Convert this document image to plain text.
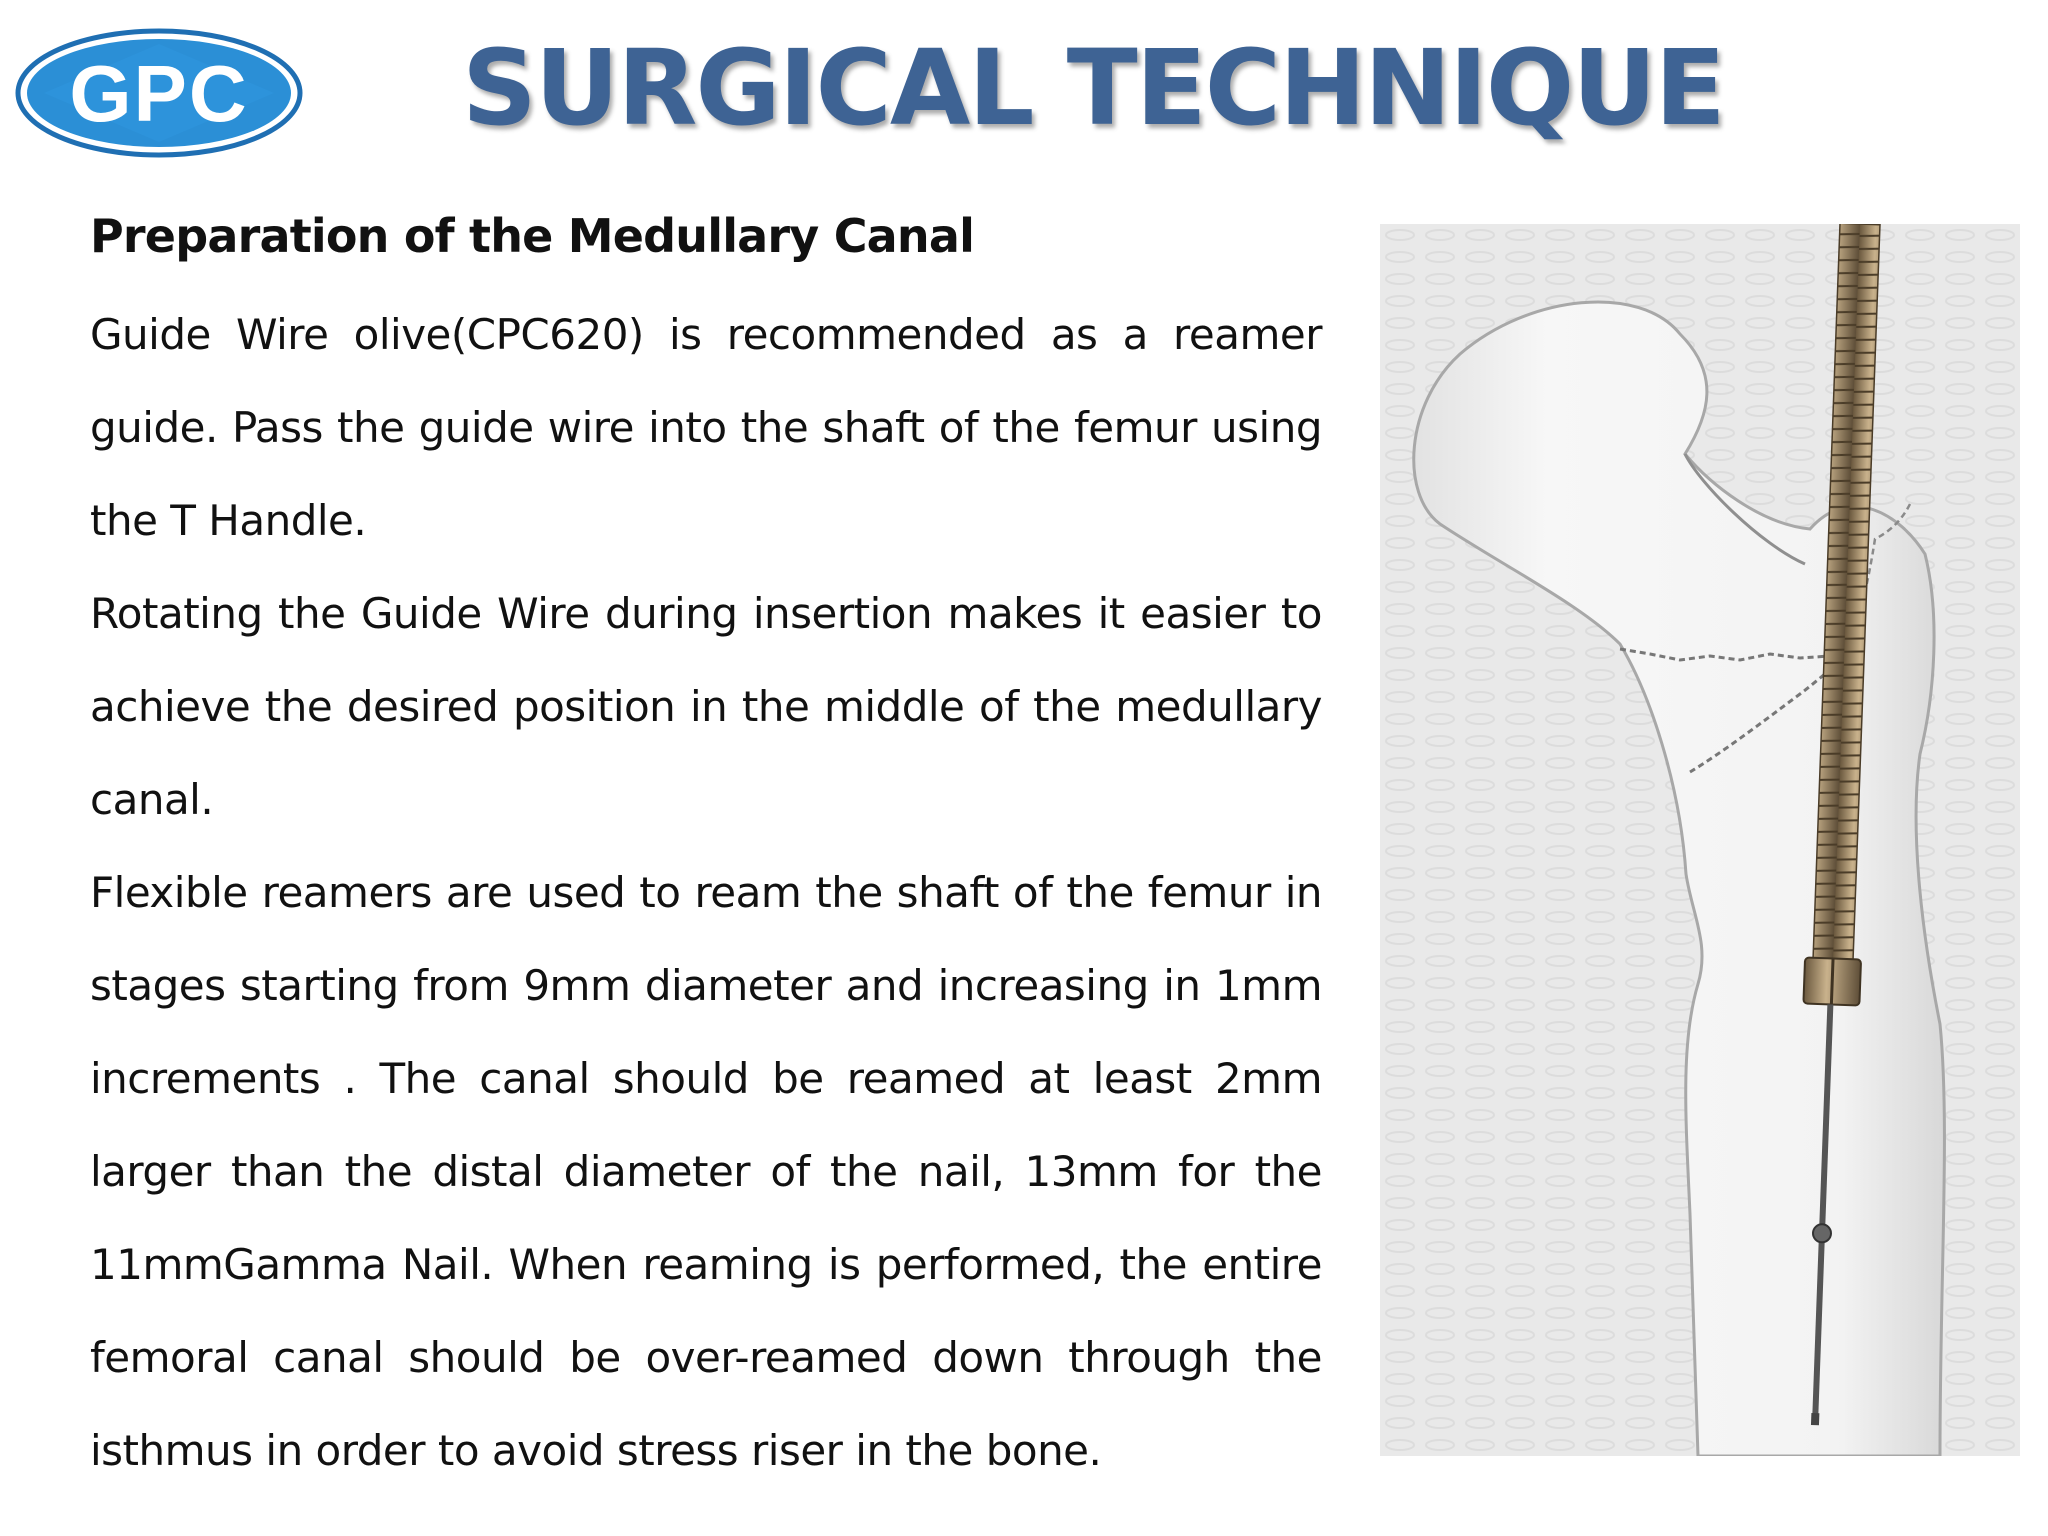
GPC SURGICAL TECHNIQUE
Preparation of the Medullary Canal

Guide Wire olive(CPC620) is recommended as a reamer guide. Pass the guide wire into the shaft of the femur using the T Handle.

Rotating the Guide Wire during insertion makes it easier to achieve the desired position in the middle of the medullary canal.

Flexible reamers are used to ream the shaft of the femur in stages starting from 9mm diameter and increasing in 1mm increments . The canal should be reamed at least 2mm larger than the distal diameter of the nail, 13mm for the 11mmGamma Nail. When reaming is performed, the entire femoral canal should be over-reamed down through the isthmus in order to avoid stress riser in the bone.
